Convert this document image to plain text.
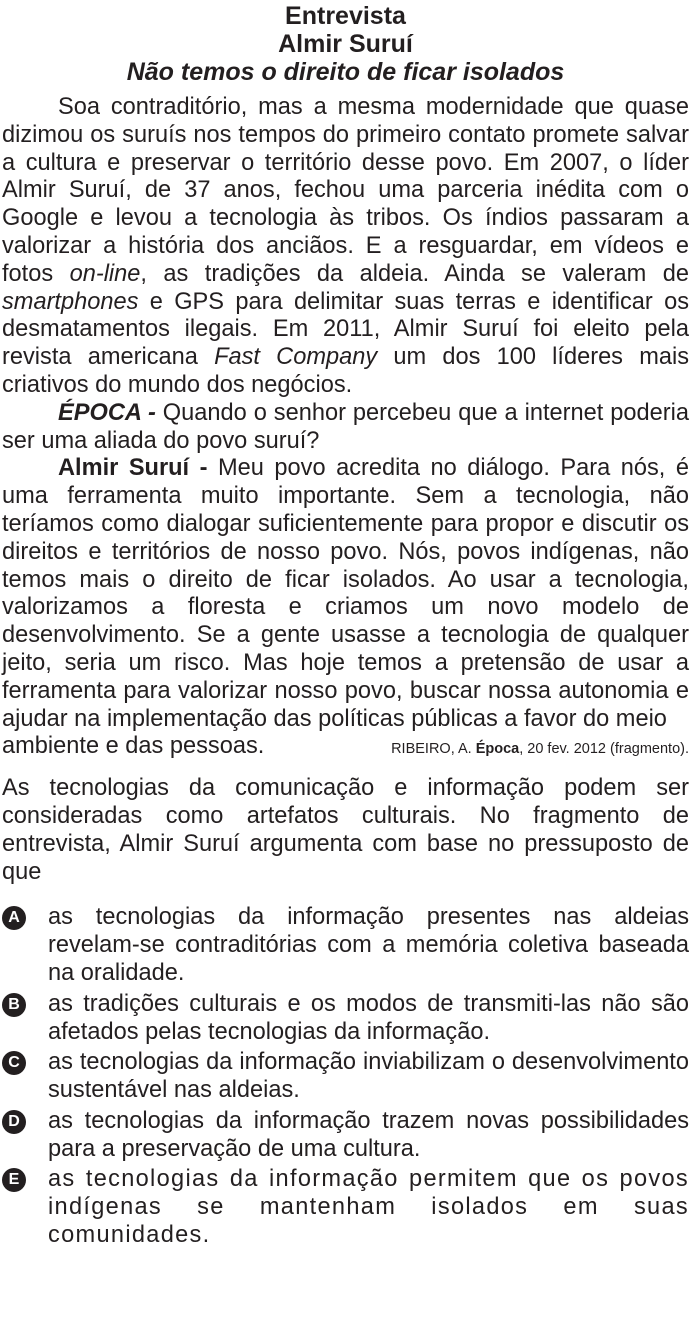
Entrevista
Almir Suruí
Não temos o direito de ficar isolados

Soa contraditório, mas a mesma modernidade que quase dizimou os suruís nos tempos do primeiro contato promete salvar a cultura e preservar o território desse povo. Em 2007, o líder Almir Suruí, de 37 anos, fechou uma parceria inédita com o Google e levou a tecnologia às tribos. Os índios passaram a valorizar a história dos anciãos. E a resguardar, em vídeos e fotos on-line, as tradições da aldeia. Ainda se valeram de smartphones e GPS para delimitar suas terras e identificar os desmatamentos ilegais. Em 2011, Almir Suruí foi eleito pela revista americana Fast Company um dos 100 líderes mais criativos do mundo dos negócios.

ÉPOCA - Quando o senhor percebeu que a internet poderia ser uma aliada do povo suruí?

Almir Suruí - Meu povo acredita no diálogo. Para nós, é uma ferramenta muito importante. Sem a tecnologia, não teríamos como dialogar suficientemente para propor e discutir os direitos e territórios de nosso povo. Nós, povos indígenas, não temos mais o direito de ficar isolados. Ao usar a tecnologia, valorizamos a floresta e criamos um novo modelo de desenvolvimento. Se a gente usasse a tecnologia de qualquer jeito, seria um risco. Mas hoje temos a pretensão de usar a ferramenta para valorizar nosso povo, buscar nossa autonomia e ajudar na implementação das políticas públicas a favor do meio

ambiente e das pessoas.	RIBEIRO, A. Época, 20 fev. 2012 (fragmento).

As tecnologias da comunicação e informação podem ser consideradas como artefatos culturais. No fragmento de entrevista, Almir Suruí argumenta com base no pressuposto de que

A as tecnologias da informação presentes nas aldeias revelam-se contraditórias com a memória coletiva baseada na oralidade.
B as tradições culturais e os modos de transmiti-las não são afetados pelas tecnologias da informação.
C as tecnologias da informação inviabilizam o desenvolvimento sustentável nas aldeias.
D as tecnologias da informação trazem novas possibilidades para a preservação de uma cultura.
E as tecnologias da informação permitem que os povos indígenas se mantenham isolados em suas comunidades.
